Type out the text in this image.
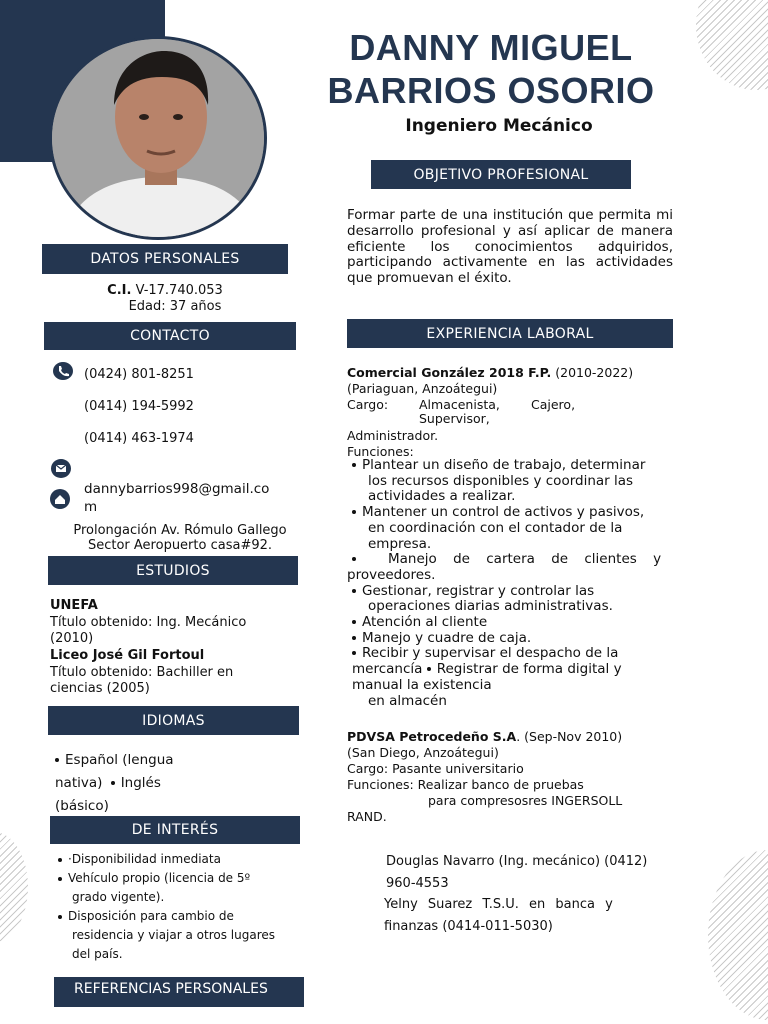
DANNY MIGUEL
BARRIOS OSORIO
Ingeniero Mecánico
DATOS PERSONALES
C.I. V-17.740.053
Edad: 37 años
CONTACTO
(0424) 801-8251
(0414) 194-5992
(0414) 463-1974
dannybarrios998@gmail.co
m
Prolongación Av. Rómulo Gallego
Sector Aeropuerto casa#92.
ESTUDIOS
UNEFA
Título obtenido: Ing. Mecánico
(2010)
Liceo José Gil Fortoul
Título obtenido: Bachiller en
ciencias (2005)
IDIOMAS
Español (lengua
nativa) Inglés
(básico)
DE INTERÉS
·Disponibilidad inmediata
Vehículo propio (licencia de 5º
grado vigente).
Disposición para cambio de
residencia y viajar a otros lugares
del país.
REFERENCIAS PERSONALES
OBJETIVO PROFESIONAL
Formar parte de una institución que permita mi desarrollo profesional y así aplicar de manera eficiente los conocimientos adquiridos, participando activamente en las actividades que promuevan el éxito.
EXPERIENCIA LABORAL
Comercial González 2018 F.P. (2010-2022)
(Pariaguan, Anzoátegui)
Cargo: Almacenista, Cajero,
Supervisor,
Administrador.
Funciones:
Plantear un diseño de trabajo, determinar
los recursos disponibles y coordinar las
actividades a realizar.
Mantener un control de activos y pasivos,
en coordinación con el contador de la
empresa.
Manejo de cartera de clientes y
proveedores.
Gestionar, registrar y controlar las
operaciones diarias administrativas.
Atención al cliente
Manejo y cuadre de caja.
Recibir y supervisar el despacho de la
mercancía Registrar de forma digital y
manual la existencia
en almacén
PDVSA Petrocedeño S.A. (Sep-Nov 2010)
(San Diego, Anzoátegui)
Cargo: Pasante universitario
Funciones: Realizar banco de pruebas
para compresosres INGERSOLL
RAND.
Douglas Navarro (Ing. mecánico) (0412)
960-4553
Yelny Suarez T.S.U. en banca y
finanzas (0414-011-5030)
